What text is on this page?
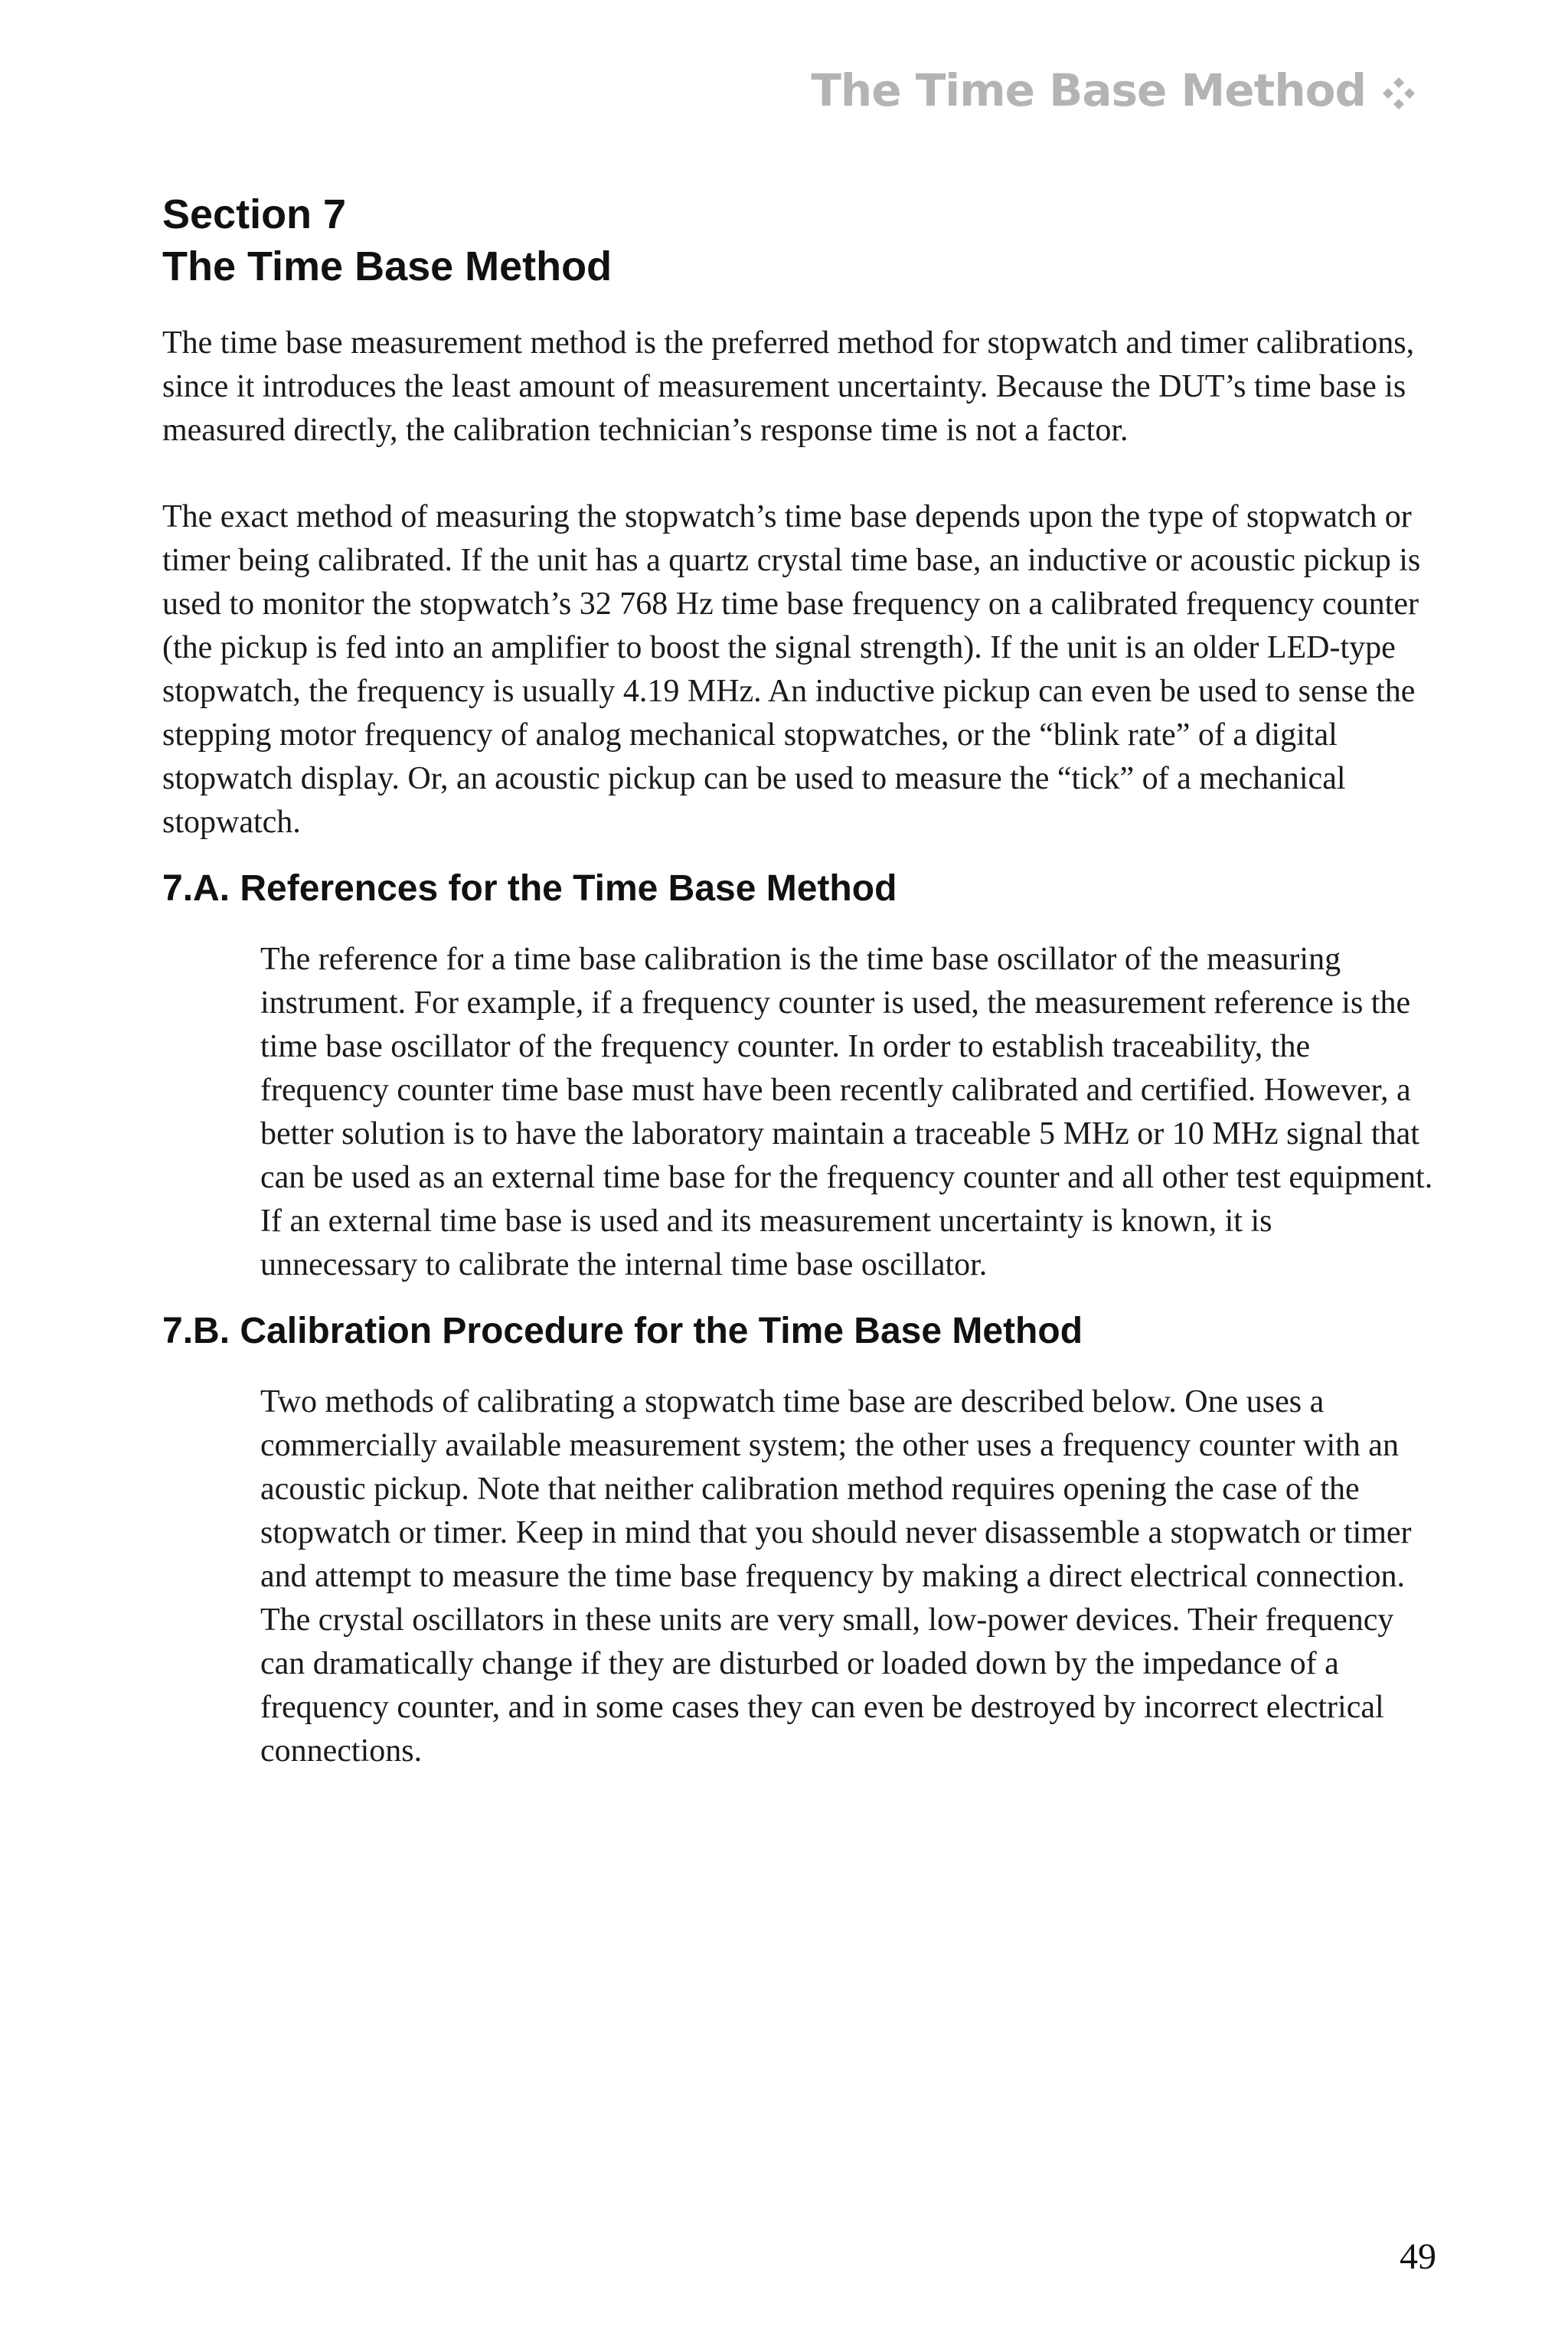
The Time Base Method
Section 7
The Time Base Method

The time base measurement method is the preferred method for stopwatch and timer calibrations, since it introduces the least amount of measurement uncertainty. Because the DUT’s time base is measured directly, the calibration technician’s response time is not a factor.

The exact method of measuring the stopwatch’s time base depends upon the type of stopwatch or timer being calibrated. If the unit has a quartz crystal time base, an inductive or acoustic pickup is used to monitor the stopwatch’s 32 768 Hz time base frequency on a calibrated frequency counter (the pickup is fed into an amplifier to boost the signal strength). If the unit is an older LED-type stopwatch, the frequency is usually 4.19 MHz. An inductive pickup can even be used to sense the stepping motor frequency of analog mechanical stopwatches, or the “blink rate” of a digital stopwatch display. Or, an acoustic pickup can be used to measure the “tick” of a mechanical stopwatch.

7.A. References for the Time Base Method

The reference for a time base calibration is the time base oscillator of the measuring instrument. For example, if a frequency counter is used, the measurement reference is the time base oscillator of the frequency counter. In order to establish traceability, the frequency counter time base must have been recently calibrated and certified. However, a better solution is to have the laboratory maintain a traceable 5 MHz or 10 MHz signal that can be used as an external time base for the frequency counter and all other test equipment. If an external time base is used and its measurement uncertainty is known, it is unnecessary to calibrate the internal time base oscillator.

7.B. Calibration Procedure for the Time Base Method

Two methods of calibrating a stopwatch time base are described below. One uses a commercially available measurement system; the other uses a frequency counter with an acoustic pickup. Note that neither calibration method requires opening the case of the stopwatch or timer. Keep in mind that you should never disassemble a stopwatch or timer and attempt to measure the time base frequency by making a direct electrical connection. The crystal oscillators in these units are very small, low-power devices. Their frequency can dramatically change if they are disturbed or loaded down by the impedance of a frequency counter, and in some cases they can even be destroyed by incorrect electrical connections.

49
